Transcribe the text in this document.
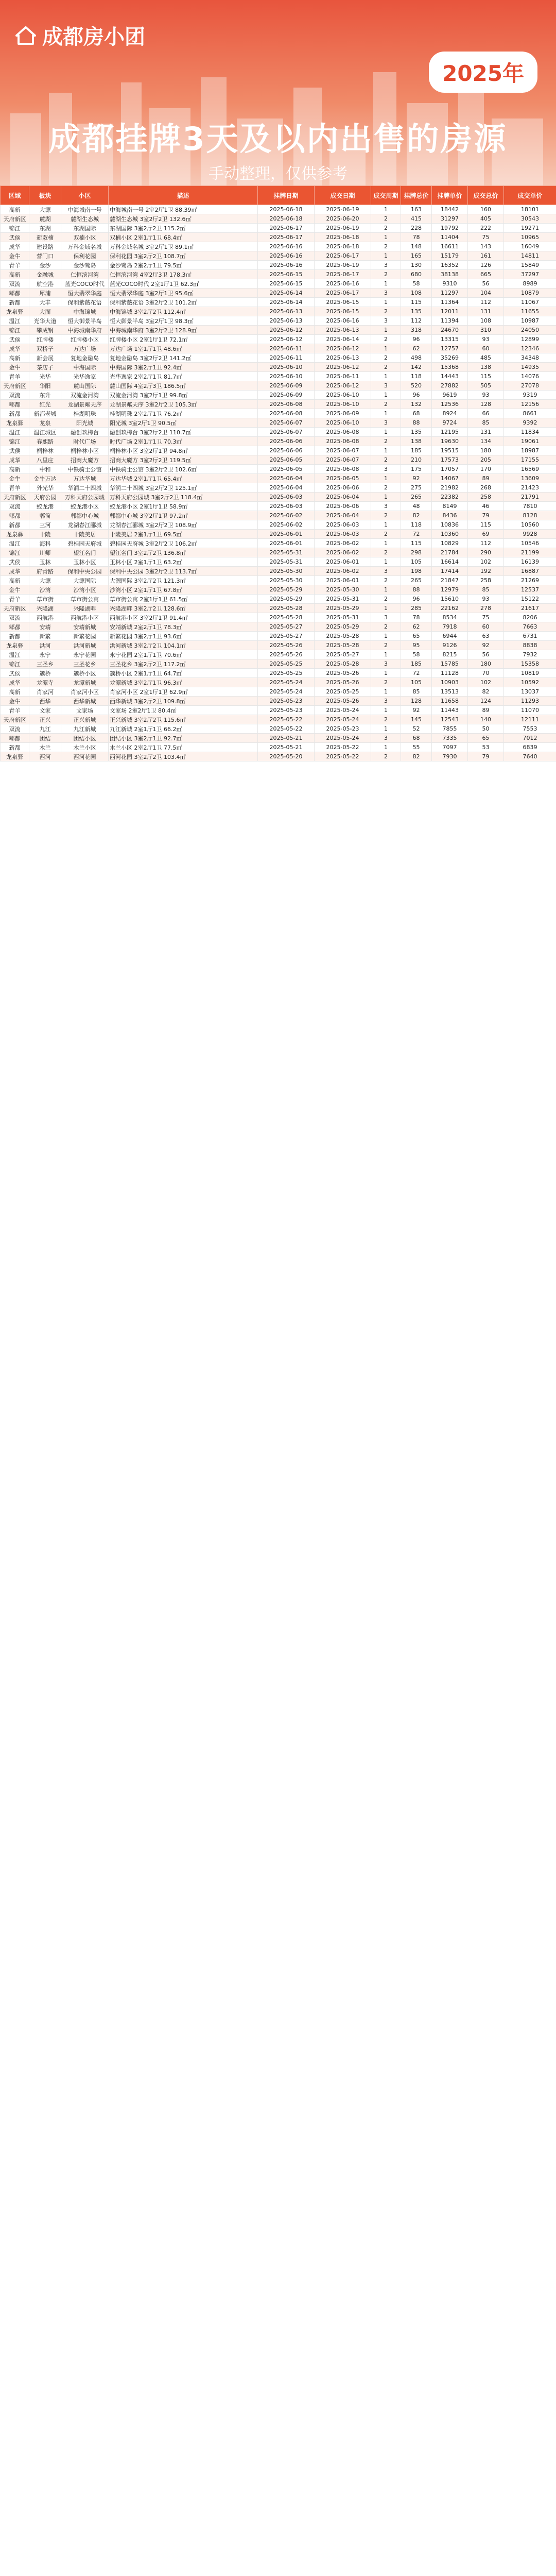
成都房小团
2025年
成都挂牌3天及以内出售的房源
手动整理，仅供参考
区域	板块	小区	描述	挂牌日期	成交日期	成交周期	挂牌总价	挂牌单价	成交总价	成交单价
高新	大源	中海城南一号	中海城南一号 2室2厅1卫 88.39㎡	2025-06-18	2025-06-19	1	163	18442	160	18101
天府新区	麓湖	麓湖生态城	麓湖生态城 3室2厅2卫 132.6㎡	2025-06-18	2025-06-20	2	415	31297	405	30543
锦江	东湖	东湖国际	东湖国际 3室2厅2卫 115.2㎡	2025-06-17	2025-06-19	2	228	19792	222	19271
武侯	新双楠	双楠小区	双楠小区 2室1厅1卫 68.4㎡	2025-06-17	2025-06-18	1	78	11404	75	10965
成华	建设路	万科金域名城	万科金域名城 3室2厅1卫 89.1㎡	2025-06-16	2025-06-18	2	148	16611	143	16049
金牛	营门口	保利花园	保利花园 3室2厅2卫 108.7㎡	2025-06-16	2025-06-17	1	165	15179	161	14811
青羊	金沙	金沙鹭岛	金沙鹭岛 2室2厅1卫 79.5㎡	2025-06-16	2025-06-19	3	130	16352	126	15849
高新	金融城	仁恒滨河湾	仁恒滨河湾 4室2厅3卫 178.3㎡	2025-06-15	2025-06-17	2	680	38138	665	37297
双流	航空港	蓝光COCO时代	蓝光COCO时代 2室1厅1卫 62.3㎡	2025-06-15	2025-06-16	1	58	9310	56	8989
郫都	犀浦	恒大翡翠华庭	恒大翡翠华庭 3室2厅1卫 95.6㎡	2025-06-14	2025-06-17	3	108	11297	104	10879
新都	大丰	保利紫薇花语	保利紫薇花语 3室2厅2卫 101.2㎡	2025-06-14	2025-06-15	1	115	11364	112	11067
龙泉驿	大面	中海锦城	中海锦城 3室2厅2卫 112.4㎡	2025-06-13	2025-06-15	2	135	12011	131	11655
温江	光华大道	恒大御景半岛	恒大御景半岛 3室2厅1卫 98.3㎡	2025-06-13	2025-06-16	3	112	11394	108	10987
锦江	攀成钢	中海城南华府	中海城南华府 3室2厅2卫 128.9㎡	2025-06-12	2025-06-13	1	318	24670	310	24050
武侯	红牌楼	红牌楼小区	红牌楼小区 2室1厅1卫 72.1㎡	2025-06-12	2025-06-14	2	96	13315	93	12899
成华	双桥子	万达广场	万达广场 1室1厅1卫 48.6㎡	2025-06-11	2025-06-12	1	62	12757	60	12346
高新	新会展	复地金融岛	复地金融岛 3室2厅2卫 141.2㎡	2025-06-11	2025-06-13	2	498	35269	485	34348
金牛	茶店子	中海国际	中海国际 3室2厅1卫 92.4㎡	2025-06-10	2025-06-12	2	142	15368	138	14935
青羊	光华	光华逸家	光华逸家 2室2厅1卫 81.7㎡	2025-06-10	2025-06-11	1	118	14443	115	14076
天府新区	华阳	麓山国际	麓山国际 4室2厅3卫 186.5㎡	2025-06-09	2025-06-12	3	520	27882	505	27078
双流	东升	双流金河湾	双流金河湾 3室2厅1卫 99.8㎡	2025-06-09	2025-06-10	1	96	9619	93	9319
郫都	红光	龙湖景粼天序	龙湖景粼天序 3室2厅2卫 105.3㎡	2025-06-08	2025-06-10	2	132	12536	128	12156
新都	新都老城	桂湖明珠	桂湖明珠 2室2厅1卫 76.2㎡	2025-06-08	2025-06-09	1	68	8924	66	8661
龙泉驿	龙泉	阳光城	阳光城 3室2厅1卫 90.5㎡	2025-06-07	2025-06-10	3	88	9724	85	9392
温江	温江城区	融创玖樟台	融创玖樟台 3室2厅2卫 110.7㎡	2025-06-07	2025-06-08	1	135	12195	131	11834
锦江	春熙路	时代广场	时代广场 2室1厅1卫 70.3㎡	2025-06-06	2025-06-08	2	138	19630	134	19061
武侯	桐梓林	桐梓林小区	桐梓林小区 3室2厅1卫 94.8㎡	2025-06-06	2025-06-07	1	185	19515	180	18987
成华	八里庄	招商大魔方	招商大魔方 3室2厅2卫 119.5㎡	2025-06-05	2025-06-07	2	210	17573	205	17155
高新	中和	中铁骑士公馆	中铁骑士公馆 3室2厅2卫 102.6㎡	2025-06-05	2025-06-08	3	175	17057	170	16569
金牛	金牛万达	万达华城	万达华城 2室1厅1卫 65.4㎡	2025-06-04	2025-06-05	1	92	14067	89	13609
青羊	外光华	华润二十四城	华润二十四城 3室2厅2卫 125.1㎡	2025-06-04	2025-06-06	2	275	21982	268	21423
天府新区	天府公园	万科天府公园城	万科天府公园城 3室2厅2卫 118.4㎡	2025-06-03	2025-06-04	1	265	22382	258	21791
双流	蛟龙港	蛟龙港小区	蛟龙港小区 2室1厅1卫 58.9㎡	2025-06-03	2025-06-06	3	48	8149	46	7810
郫都	郫筒	郫都中心城	郫都中心城 3室2厅1卫 97.2㎡	2025-06-02	2025-06-04	2	82	8436	79	8128
新都	三河	龙湖春江郦城	龙湖春江郦城 3室2厅2卫 108.9㎡	2025-06-02	2025-06-03	1	118	10836	115	10560
龙泉驿	十陵	十陵美居	十陵美居 2室1厅1卫 69.5㎡	2025-06-01	2025-06-03	2	72	10360	69	9928
温江	海科	碧桂园天府城	碧桂园天府城 3室2厅2卫 106.2㎡	2025-06-01	2025-06-02	1	115	10829	112	10546
锦江	川师	望江名门	望江名门 3室2厅2卫 136.8㎡	2025-05-31	2025-06-02	2	298	21784	290	21199
武侯	玉林	玉林小区	玉林小区 2室1厅1卫 63.2㎡	2025-05-31	2025-06-01	1	105	16614	102	16139
成华	府青路	保利中央公园	保利中央公园 3室2厅2卫 113.7㎡	2025-05-30	2025-06-02	3	198	17414	192	16887
高新	大源	大源国际	大源国际 3室2厅2卫 121.3㎡	2025-05-30	2025-06-01	2	265	21847	258	21269
金牛	沙湾	沙湾小区	沙湾小区 2室1厅1卫 67.8㎡	2025-05-29	2025-05-30	1	88	12979	85	12537
青羊	草市街	草市街公寓	草市街公寓 2室1厅1卫 61.5㎡	2025-05-29	2025-05-31	2	96	15610	93	15122
天府新区	兴隆湖	兴隆湖畔	兴隆湖畔 3室2厅2卫 128.6㎡	2025-05-28	2025-05-29	1	285	22162	278	21617
双流	西航港	西航港小区	西航港小区 3室2厅1卫 91.4㎡	2025-05-28	2025-05-31	3	78	8534	75	8206
郫都	安靖	安靖新城	安靖新城 2室2厅1卫 78.3㎡	2025-05-27	2025-05-29	2	62	7918	60	7663
新都	新繁	新繁花园	新繁花园 3室2厅1卫 93.6㎡	2025-05-27	2025-05-28	1	65	6944	63	6731
龙泉驿	洪河	洪河新城	洪河新城 3室2厅2卫 104.1㎡	2025-05-26	2025-05-28	2	95	9126	92	8838
温江	永宁	永宁花园	永宁花园 2室1厅1卫 70.6㎡	2025-05-26	2025-05-27	1	58	8215	56	7932
锦江	三圣乡	三圣花乡	三圣花乡 3室2厅2卫 117.2㎡	2025-05-25	2025-05-28	3	185	15785	180	15358
武侯	簇桥	簇桥小区	簇桥小区 2室1厅1卫 64.7㎡	2025-05-25	2025-05-26	1	72	11128	70	10819
成华	龙潭寺	龙潭新城	龙潭新城 3室2厅1卫 96.3㎡	2025-05-24	2025-05-26	2	105	10903	102	10592
高新	肖家河	肖家河小区	肖家河小区 2室1厅1卫 62.9㎡	2025-05-24	2025-05-25	1	85	13513	82	13037
金牛	西华	西华新城	西华新城 3室2厅2卫 109.8㎡	2025-05-23	2025-05-26	3	128	11658	124	11293
青羊	文家	文家场	文家场 2室2厅1卫 80.4㎡	2025-05-23	2025-05-24	1	92	11443	89	11070
天府新区	正兴	正兴新城	正兴新城 3室2厅2卫 115.6㎡	2025-05-22	2025-05-24	2	145	12543	140	12111
双流	九江	九江新城	九江新城 2室1厅1卫 66.2㎡	2025-05-22	2025-05-23	1	52	7855	50	7553
郫都	团结	团结小区	团结小区 3室2厅1卫 92.7㎡	2025-05-21	2025-05-24	3	68	7335	65	7012
新都	木兰	木兰小区	木兰小区 2室2厅1卫 77.5㎡	2025-05-21	2025-05-22	1	55	7097	53	6839
龙泉驿	西河	西河花园	西河花园 3室2厅2卫 103.4㎡	2025-05-20	2025-05-22	2	82	7930	79	7640
